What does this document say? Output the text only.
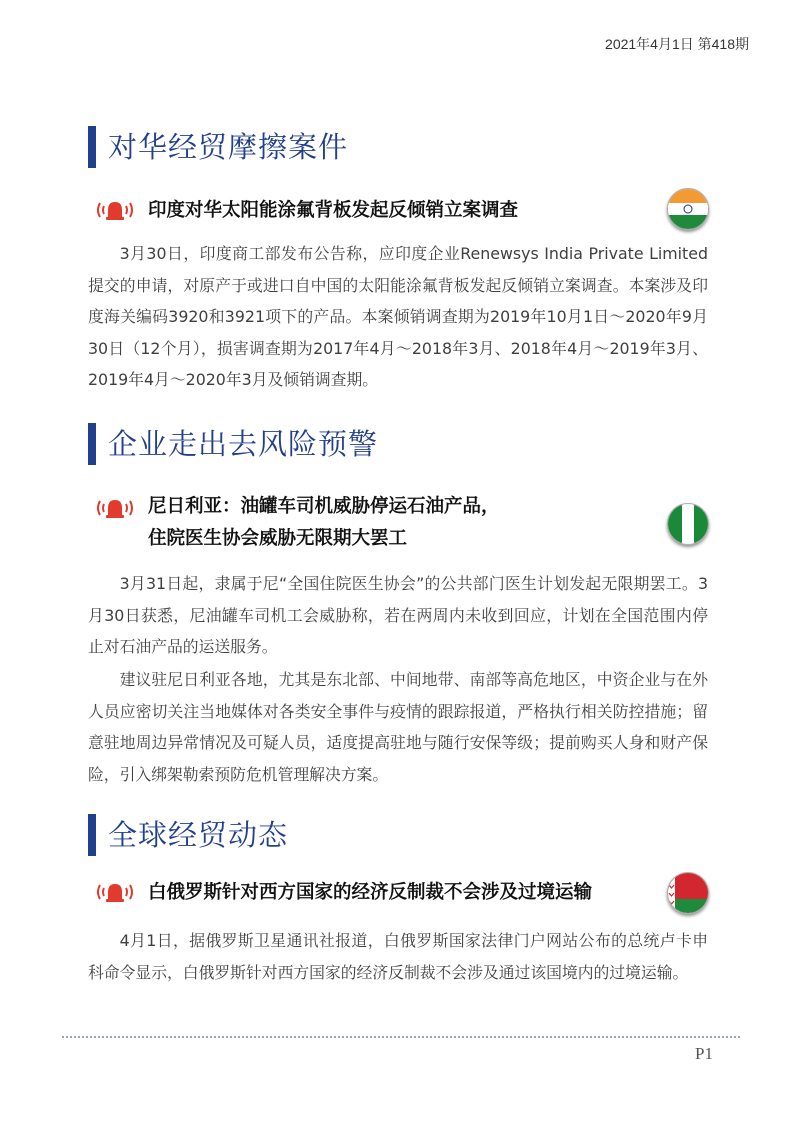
2021年4月1日 第418期
对华经贸摩擦案件
印度对华太阳能涂氟背板发起反倾销立案调查

3月30日，印度商工部发布公告称，应印度企业Renewsys India Private Limited提交的申请，对原产于或进口自中国的太阳能涂氟背板发起反倾销立案调查。本案涉及印度海关编码3920和3921项下的产品。本案倾销调查期为2019年10月1日～2020年9月30日（12个月），损害调查期为2017年4月～2018年3月、2018年4月～2019年3月、2019年4月～2020年3月及倾销调查期。

企业走出去风险预警
尼日利亚：油罐车司机威胁停运石油产品，
住院医生协会威胁无限期大罢工

3月31日起，隶属于尼“全国住院医生协会”的公共部门医生计划发起无限期罢工。3月30日获悉，尼油罐车司机工会威胁称，若在两周内未收到回应，计划在全国范围内停止对石油产品的运送服务。

建议驻尼日利亚各地，尤其是东北部、中间地带、南部等高危地区，中资企业与在外人员应密切关注当地媒体对各类安全事件与疫情的跟踪报道，严格执行相关防控措施；留意驻地周边异常情况及可疑人员，适度提高驻地与随行安保等级；提前购买人身和财产保险，引入绑架勒索预防危机管理解决方案。

全球经贸动态
白俄罗斯针对西方国家的经济反制裁不会涉及过境运输

4月1日，据俄罗斯卫星通讯社报道，白俄罗斯国家法律门户网站公布的总统卢卡申科命令显示，白俄罗斯针对西方国家的经济反制裁不会涉及通过该国境内的过境运输。

P1
